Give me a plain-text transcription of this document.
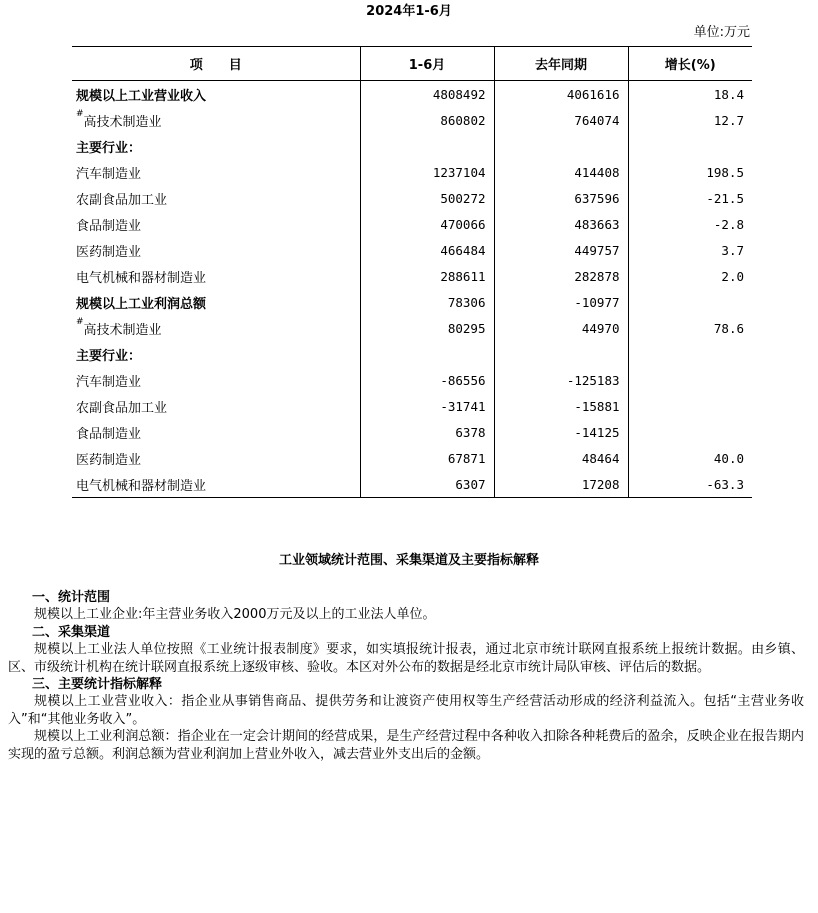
2024年1-6月
单位:万元
项　　目	1-6月	去年同期	增长(%)
规模以上工业营业收入	4808492	4061616	18.4
#高技术制造业	860802	764074	12.7
主要行业：			
汽车制造业	1237104	414408	198.5
农副食品加工业	500272	637596	-21.5
食品制造业	470066	483663	-2.8
医药制造业	466484	449757	3.7
电气机械和器材制造业	288611	282878	2.0
规模以上工业利润总额	78306	-10977	
#高技术制造业	80295	44970	78.6
主要行业：			
汽车制造业	-86556	-125183	
农副食品加工业	-31741	-15881	
食品制造业	6378	-14125	
医药制造业	67871	48464	40.0
电气机械和器材制造业	6307	17208	-63.3
工业领域统计范围、采集渠道及主要指标解释
一、统计范围
规模以上工业企业:年主营业务收入2000万元及以上的工业法人单位。
二、采集渠道
规模以上工业法人单位按照《工业统计报表制度》要求，如实填报统计报表，通过北京市统计联网直报系统上报统计数据。由乡镇、区、市级统计机构在统计联网直报系统上逐级审核、验收。本区对外公布的数据是经北京市统计局队审核、评估后的数据。
三、主要统计指标解释
规模以上工业营业收入：指企业从事销售商品、提供劳务和让渡资产使用权等生产经营活动形成的经济利益流入。包括“主营业务收入”和“其他业务收入”。
规模以上工业利润总额：指企业在一定会计期间的经营成果，是生产经营过程中各种收入扣除各种耗费后的盈余，反映企业在报告期内实现的盈亏总额。利润总额为营业利润加上营业外收入，减去营业外支出后的金额。
